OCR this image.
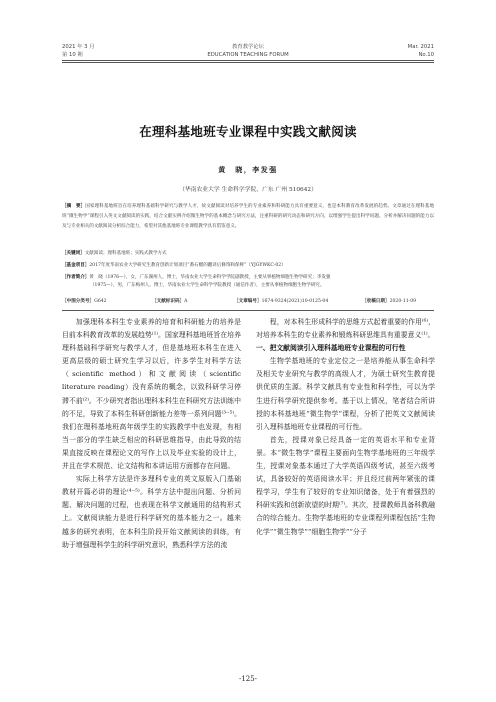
2021 年 3 月
第 10 期
教育教学论坛
EDUCATION TEACHING FORUM
Mar. 2021
No.10
在理科基地班专业课程中实践文献阅读
黄　晓，李发强
（华南农业大学 生命科学学院，广东 广州 510642）
［摘　要］国家理科基地班旨在培养理科基础科学研究与教学人才，故文献阅读对培养学生的专业素养和科研能力具有重要意义，也是本科教育改革发展的趋势。文章通过在理科基地班“微生物学”课程引入英文文献阅读的实践，结合文献实例介绍微生物学的基本概念与研究方法，注重科研的研究动态和研究方向，以增强学生提出科学问题、分析并解决问题的能力以及与专业相关的文献阅读分析综合能力，希望对其他基地班专业课程教学具有借鉴意义。
［关键词］文献阅读；理科基地班；实践式教学方式
［基金项目］2017年度华南农业大学研究生教育创新计划项目“番石榴的翻译后修饰和保鲜”（YJGYWKC-02）
［作者简介］黄　晓（1976—），女，广东湖州人，博士，华南农业大学生命科学学院副教授，主要从事植物细胞生物学研究；李发强
（1975—），男，广东梅州人，博士，华南农业大学生命科学学院教授（通信作者），主要从事植物细胞生物学研究。
［中图分类号］G642	［文献标识码］A	［文章编号］1674-9324(2021)10-0125-04	［收稿日期］2020-11-09

加强理科本科生专业素养的培育和科研能力的培养是目前本科教育改革的发展趋势⁽¹⁾。国家理科基地班旨在培养理科基础科学研究与教学人才，但是基地班本科生在进入更高层级的硕士研究生学习以后，许多学生对科学方法（scientific method）和文献阅读（scientific literature reading）没有系统的概念，以致科研学习停滞不前⁽²⁾。不少研究者指出理科本科生在科研究方法训练中的不足，导致了本科生科研创新能力差等一系列问题⁽³⁻⁵⁾。我们在理科基地班高年级学生的实践教学中也发现，有相当一部分的学生缺乏相应的科研思维指导，由此导致的结果直接反映在课程论文的写作上以及毕业实验的设计上，并且在学术规范、论文结构和本讲运用方面都存在问题。

实际上科学方法是许多理科专业的英文原版入门基础教材开篇必讲的理论⁽⁴⁻⁵⁾。科学方法中提出问题、分析问题、解决问题的过程，也表现在科学文献通用的结构形式上。文献阅读能力是进行科学研究的基本能力之一。越来越多的研究表明，在本科生阶段开始文献阅读的训练，有助于增强理科学生的科学研究意识，熟悉科学方法的流

程，对本科生形成科学的思维方式起着重要的作用⁽⁶⁾，对培养本科生的专业素养和锻炼科研思维具有重要意义⁽¹⁾。

一、把文献阅读引入理科基地班专业课程的可行性

生物学基地班的专业定位之一是培养能从事生命科学及相关专业研究与教学的高级人才，为硕士研究生教育提供优质的生源。科学文献具有专业性和科学性，可以为学生进行科学研究提供参考。基于以上情况，笔者结合所讲授的本科基地班“微生物学”课程，分析了把英文文献阅读引入理科基地班专业课程的可行性。

首先，授课对象已经具备一定的英语水平和专业背景。本“微生物学”课程主要面向生物学基地班的三年级学生，授课对象基本通过了大学英语四级考试，甚至六级考试，具备较好的英语阅读水平；并且经过前两年紧张的课程学习，学生有了较好的专业知识储备，处于有着强烈的科研实践和创新欲望的时期⁽⁷⁾。其次，授课教师具备科教融合的综合能力。生物学基地班的专业课程列课程包括“生物化学”“微生物学”“细胞生物学”“分子

-125-
